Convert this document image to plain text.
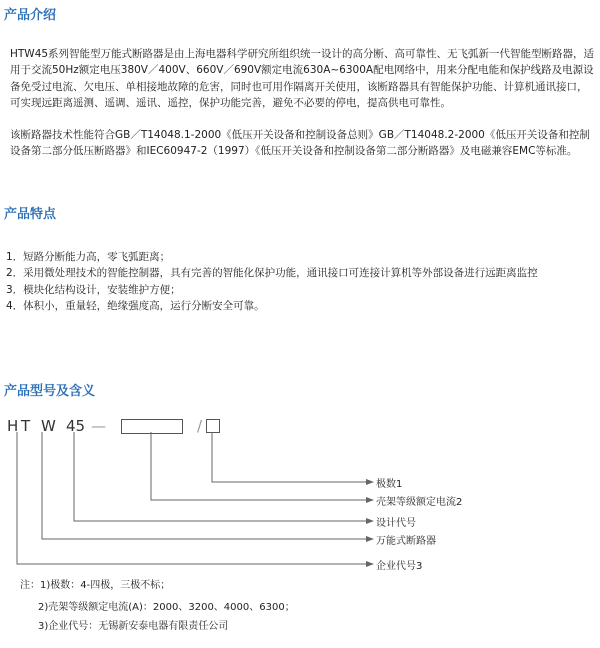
产品介绍
HTW45系列智能型万能式断路器是由上海电器科学研究所组织统一设计的高分断、高可靠性、无飞弧新一代智能型断路器，适用于交流50Hz额定电压380V／400V、660V／690V额定电流630A~6300A配电网络中，用来分配电能和保护线路及电源设备免受过电流、欠电压、单相接地故障的危害，同时也可用作隔离开关使用，该断路器具有智能保护功能、计算机通讯接口，可实现远距离遥测、遥调、遥讯、遥控，保护功能完善，避免不必要的停电，提高供电可靠性。
该断路器技术性能符合GB／T14048.1-2000《低压开关设备和控制设备总则》GB／T14048.2-2000《低压开关设备和控制设备第二部分低压断路器》和IEC60947-2（1997）《低压开关设备和控制设备第二部分断路器》及电磁兼容EMC等标准。
产品特点
1．短路分断能力高，零飞弧距离；
2．采用微处理技术的智能控制器，具有完善的智能化保护功能，通讯接口可连接计算机等外部设备进行远距离监控
3．模块化结构设计，安装维护方便；
4．体积小，重量轻，绝缘强度高，运行分断安全可靠。
产品型号及含义
H T W 45 —	/
极数1
壳架等级额定电流2
设计代号
万能式断路器
企业代号3
注：1)极数：4-四极，三极不标；
2)壳架等级额定电流(A)：2000、3200、4000、6300；
3)企业代号：无锡新安泰电器有限责任公司
